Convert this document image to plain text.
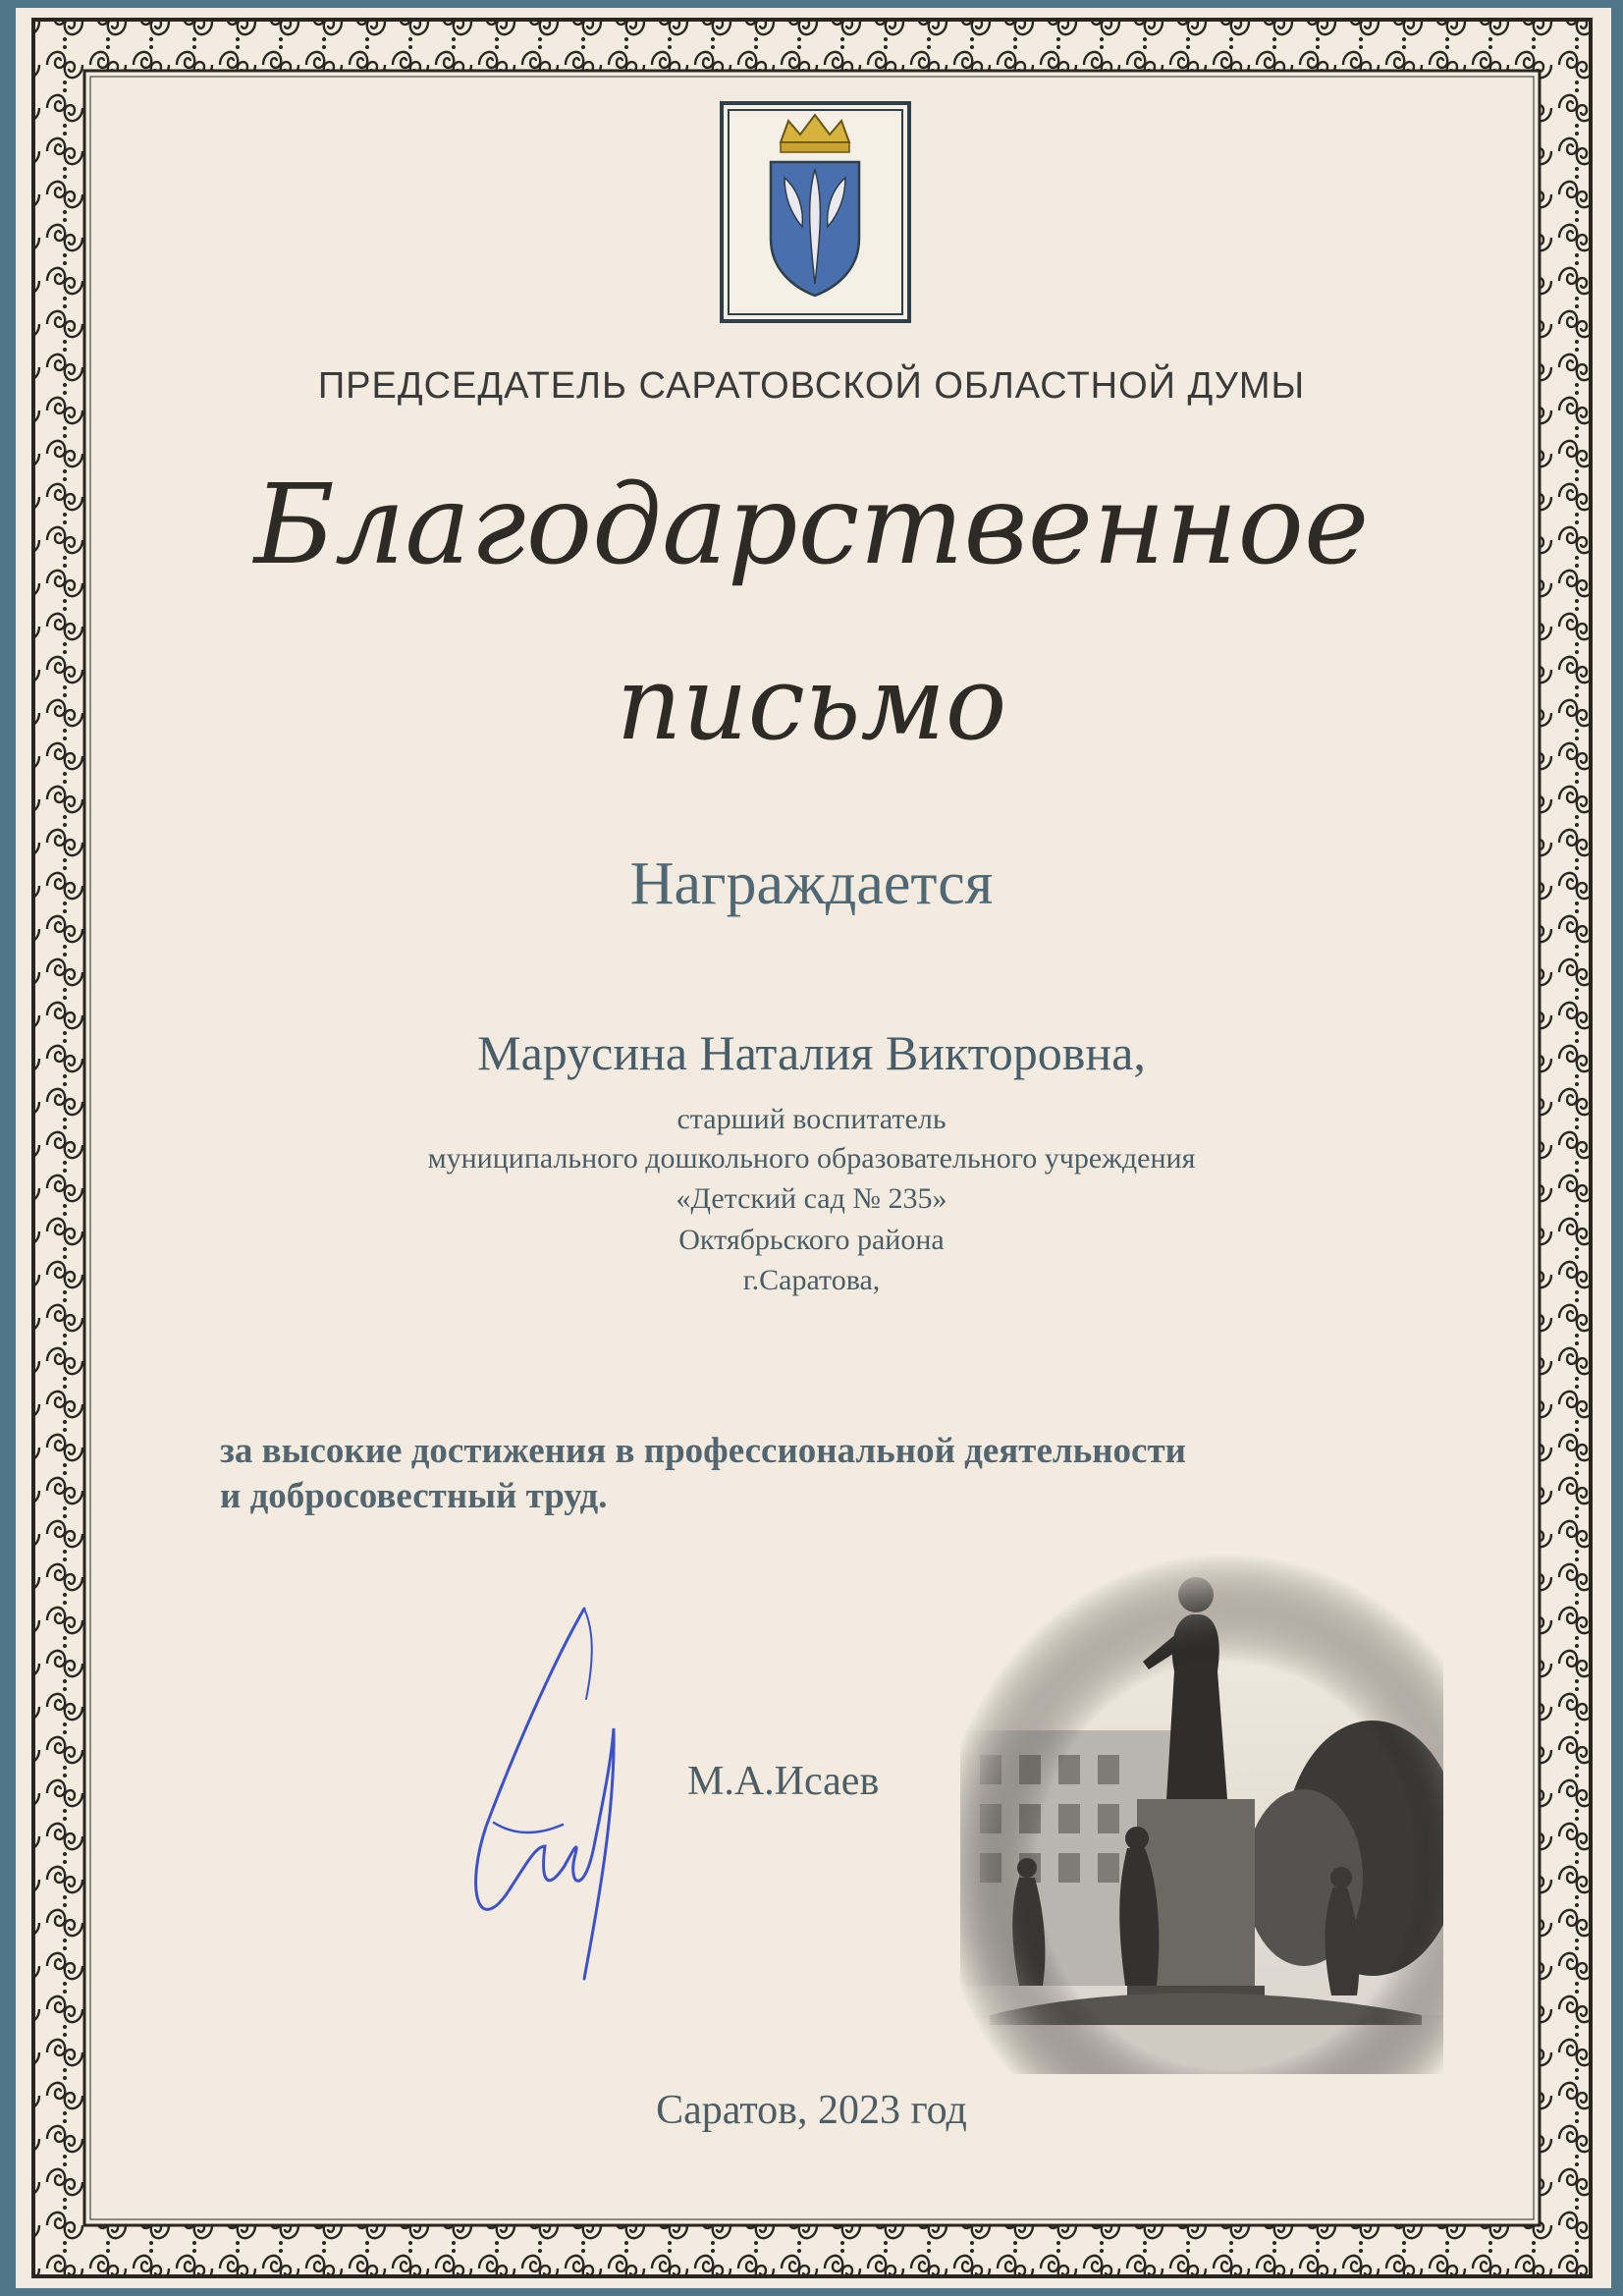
ПРЕДСЕДАТЕЛЬ САРАТОВСКОЙ ОБЛАСТНОЙ ДУМЫ

Благодарственное

письмо

Награждается

Марусина Наталия Викторовна,

старший воспитатель

муниципального дошкольного образовательного учреждения

«Детский сад № 235»

Октябрьского района

г.Саратова,

за высокие достижения в профессиональной деятельности
и добросовестный труд.

М.А.Исаев

Саратов, 2023 год
